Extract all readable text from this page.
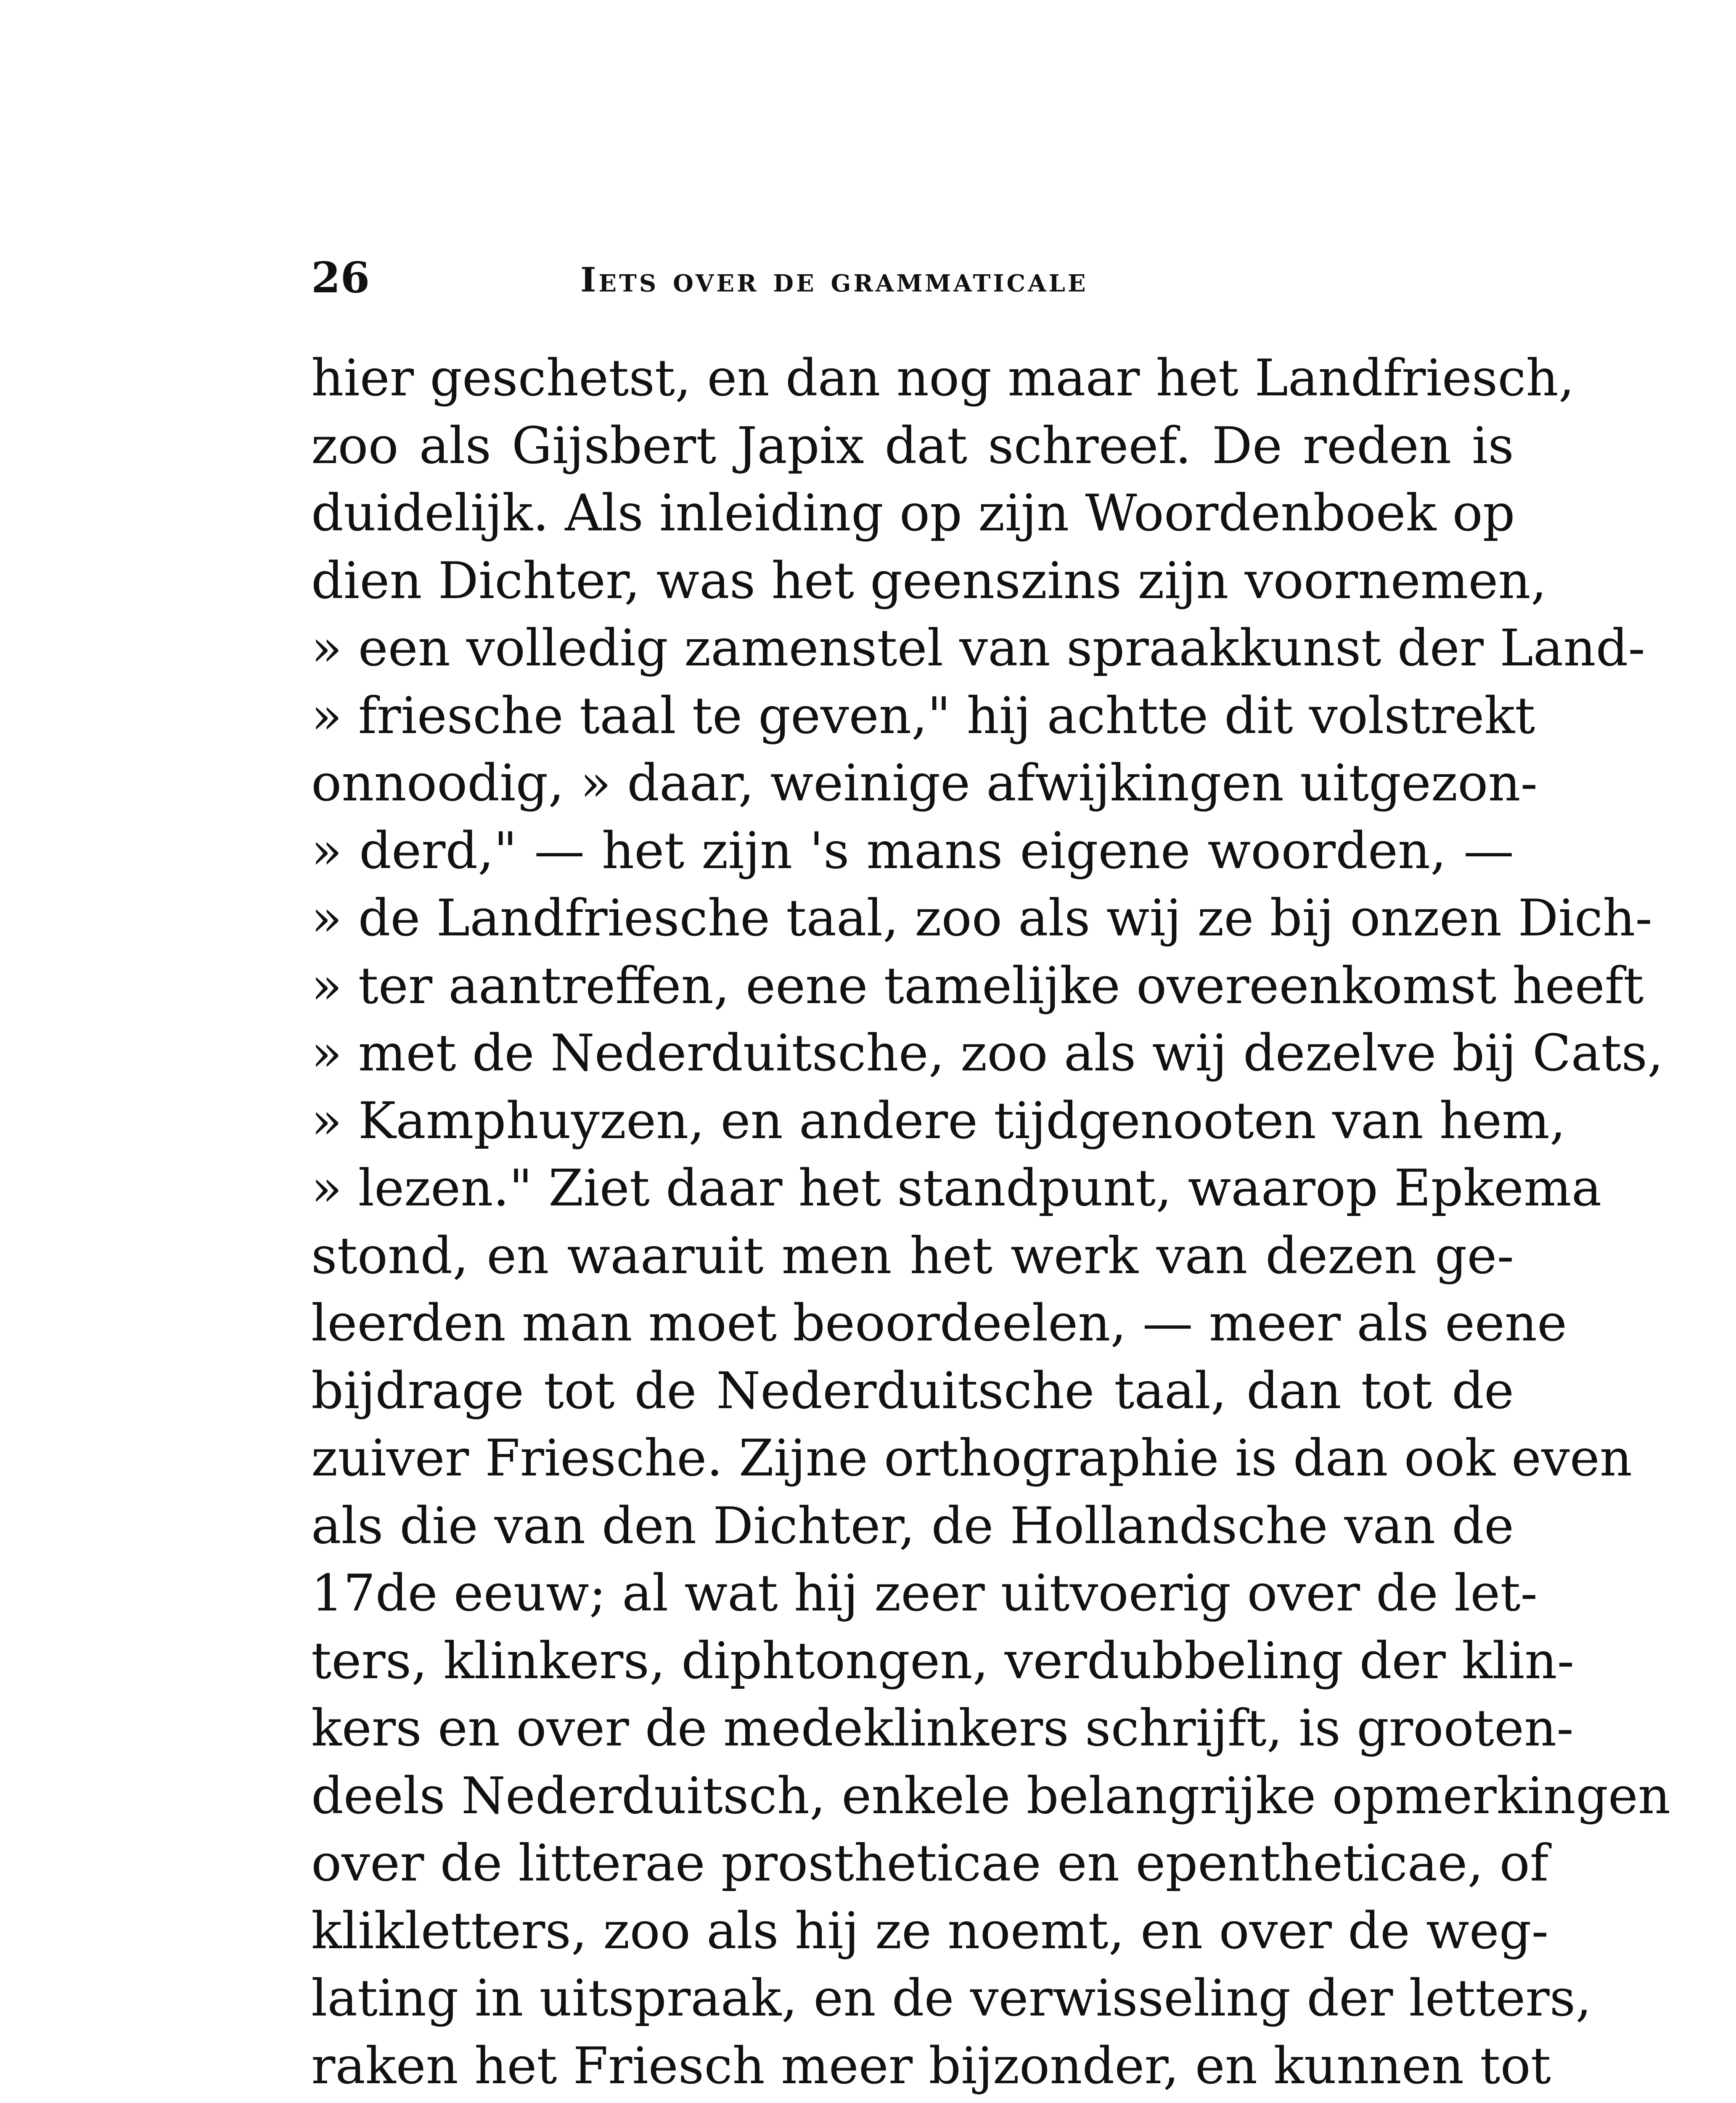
26	Iets over de grammaticale
hier geschetst, en dan nog maar het Landfriesch,
zoo als Gijsbert Japix dat schreef. De reden is
duidelijk. Als inleiding op zijn Woordenboek op
dien Dichter, was het geenszins zijn voornemen,
» een volledig zamenstel van spraakkunst der Land-
» friesche taal te geven," hij achtte dit volstrekt
onnoodig, » daar, weinige afwijkingen uitgezon-
» derd," — het zijn 's mans eigene woorden, —
» de Landfriesche taal, zoo als wij ze bij onzen Dich-
» ter aantreffen, eene tamelijke overeenkomst heeft
» met de Nederduitsche, zoo als wij dezelve bij Cats,
» Kamphuyzen, en andere tijdgenooten van hem,
» lezen." Ziet daar het standpunt, waarop Epkema
stond, en waaruit men het werk van dezen ge-
leerden man moet beoordeelen, — meer als eene
bijdrage tot de Nederduitsche taal, dan tot de
zuiver Friesche. Zijne orthographie is dan ook even
als die van den Dichter, de Hollandsche van de
17de eeuw; al wat hij zeer uitvoerig over de let-
ters, klinkers, diphtongen, verdubbeling der klin-
kers en over de medeklinkers schrijft, is grooten-
deels Nederduitsch, enkele belangrijke opmerkingen
over de litterae prostheticae en epentheticae, of
klikletters, zoo als hij ze noemt, en over de weg-
lating in uitspraak, en de verwisseling der letters,
raken het Friesch meer bijzonder, en kunnen tot
